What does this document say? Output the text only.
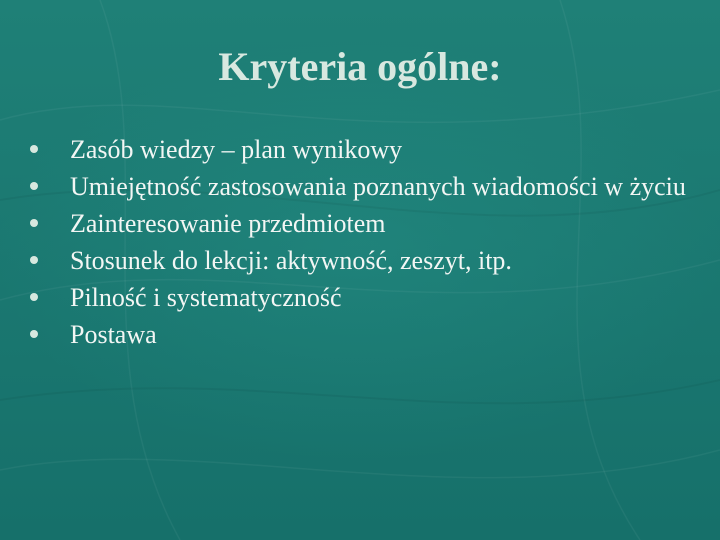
Kryteria ogólne:
Zasób wiedzy – plan wynikowy
Umiejętność zastosowania poznanych wiadomości w życiu
Zainteresowanie przedmiotem
Stosunek do lekcji: aktywność, zeszyt, itp.
Pilność i systematyczność
Postawa
